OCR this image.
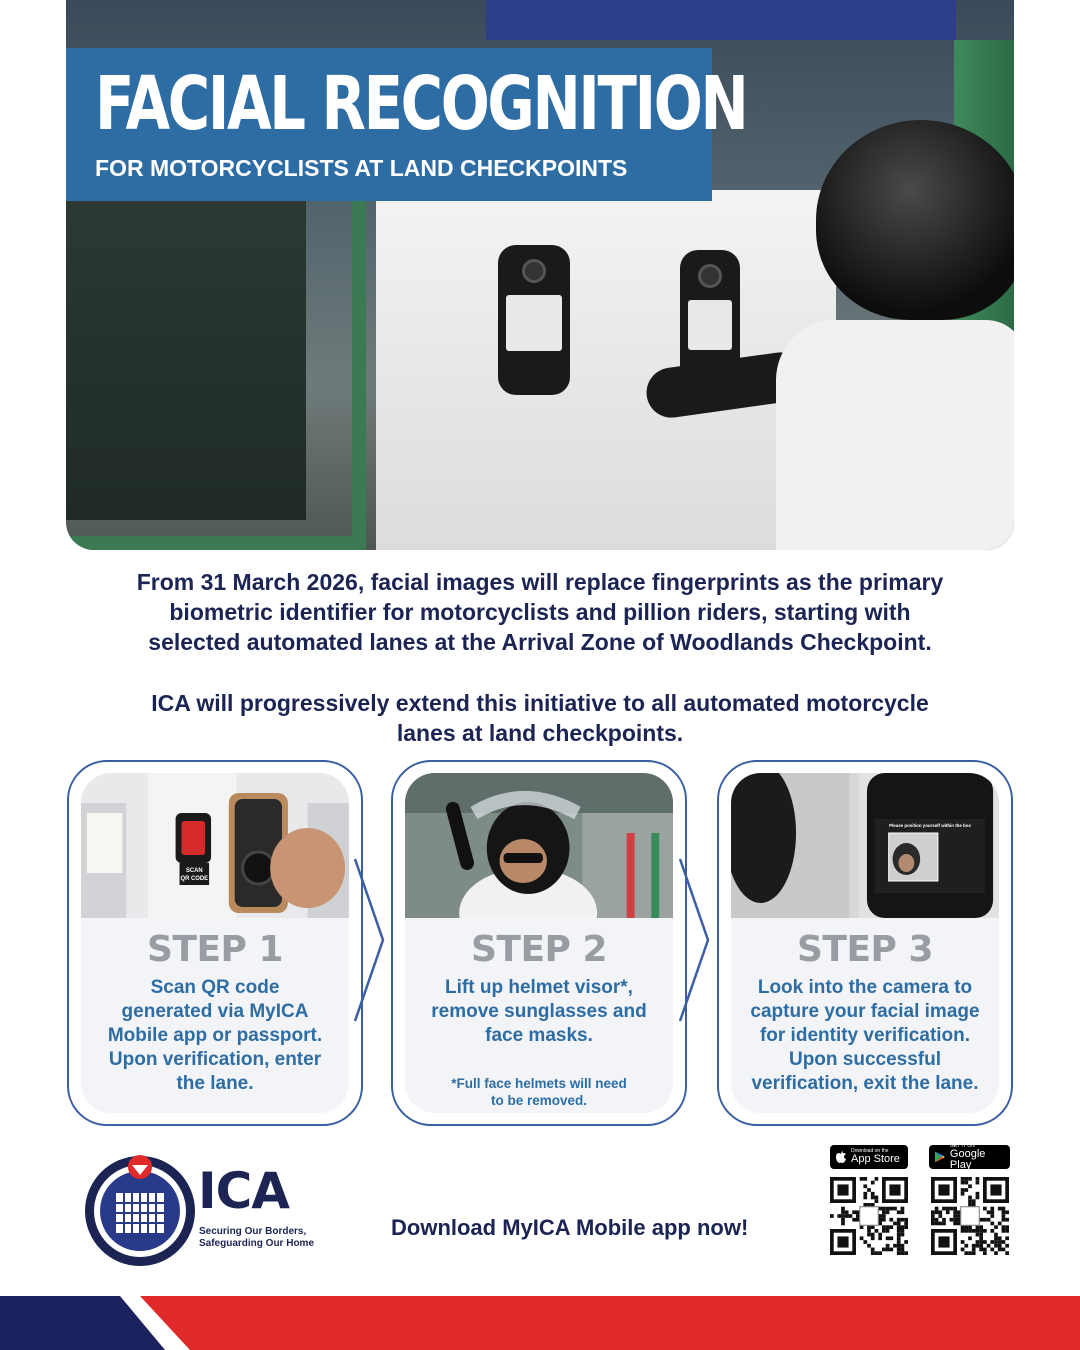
FACIAL RECOGNITION
FOR MOTORCYCLISTS AT LAND CHECKPOINTS
From 31 March 2026, facial images will replace fingerprints as the primary
biometric identifier for motorcyclists and pillion riders, starting with
selected automated lanes at the Arrival Zone of Woodlands Checkpoint.
ICA will progressively extend this initiative to all automated motorcycle
lanes at land checkpoints.
SCAN
QR CODE
STEP 1
Scan QR code
generated via MyICA
Mobile app or passport.
Upon verification, enter
the lane.
STEP 2
Lift up helmet visor*,
remove sunglasses and
face masks.
*Full face helmets will need
to be removed.
Please position yourself within the box
STEP 3
Look into the camera to
capture your facial image
for identity verification.
Upon successful
verification, exit the lane.
ICA
Securing Our Borders,
Safeguarding Our Home
Download MyICA Mobile app now!
Download on the
App Store
GET IT ON
Google Play
